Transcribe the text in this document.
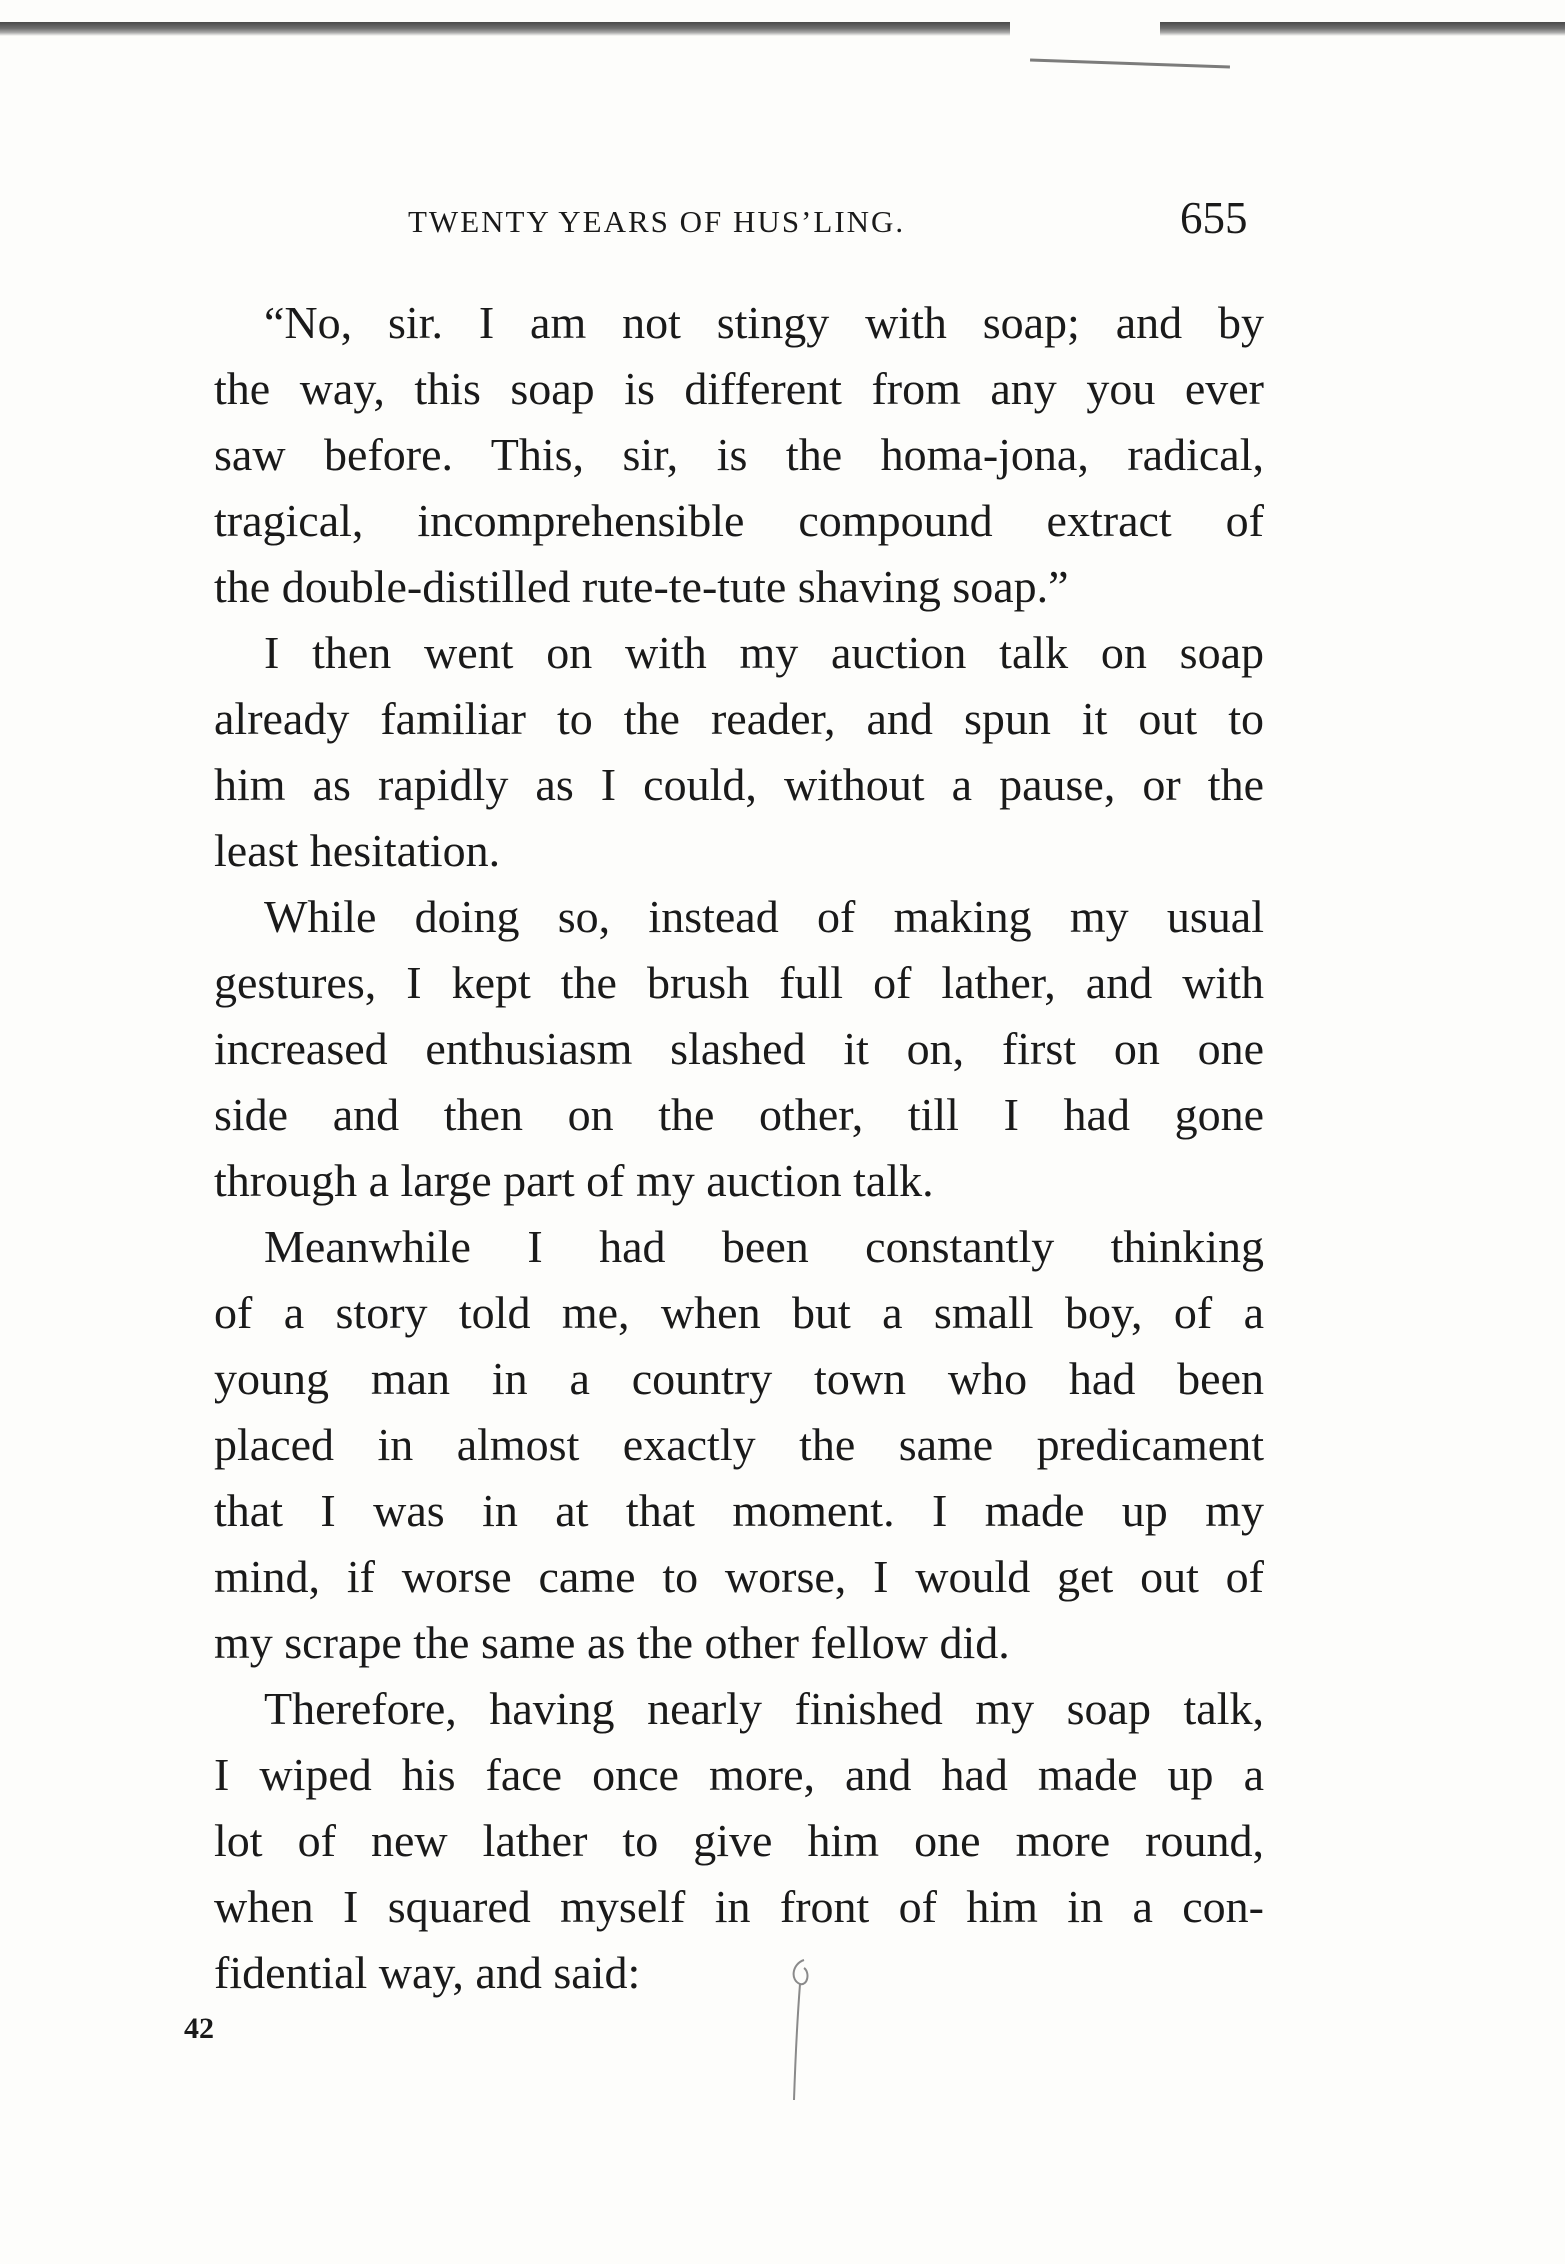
TWENTY YEARS OF HUS’LING.	655
“No, sir. I am not stingy with soap; and by
the way, this soap is different from any you ever
saw before. This, sir, is the homa-jona, radical,
tragical, incomprehensible compound extract of
the double-distilled rute-te-tute shaving soap.”
I then went on with my auction talk on soap
already familiar to the reader, and spun it out to
him as rapidly as I could, without a pause, or the
least hesitation.
While doing so, instead of making my usual
gestures, I kept the brush full of lather, and with
increased enthusiasm slashed it on, first on one
side and then on the other, till I had gone
through a large part of my auction talk.
Meanwhile I had been constantly thinking
of a story told me, when but a small boy, of a
young man in a country town who had been
placed in almost exactly the same predicament
that I was in at that moment. I made up my
mind, if worse came to worse, I would get out of
my scrape the same as the other fellow did.
Therefore, having nearly finished my soap talk,
I wiped his face once more, and had made up a
lot of new lather to give him one more round,
when I squared myself in front of him in a con-
fidential way, and said:
42
